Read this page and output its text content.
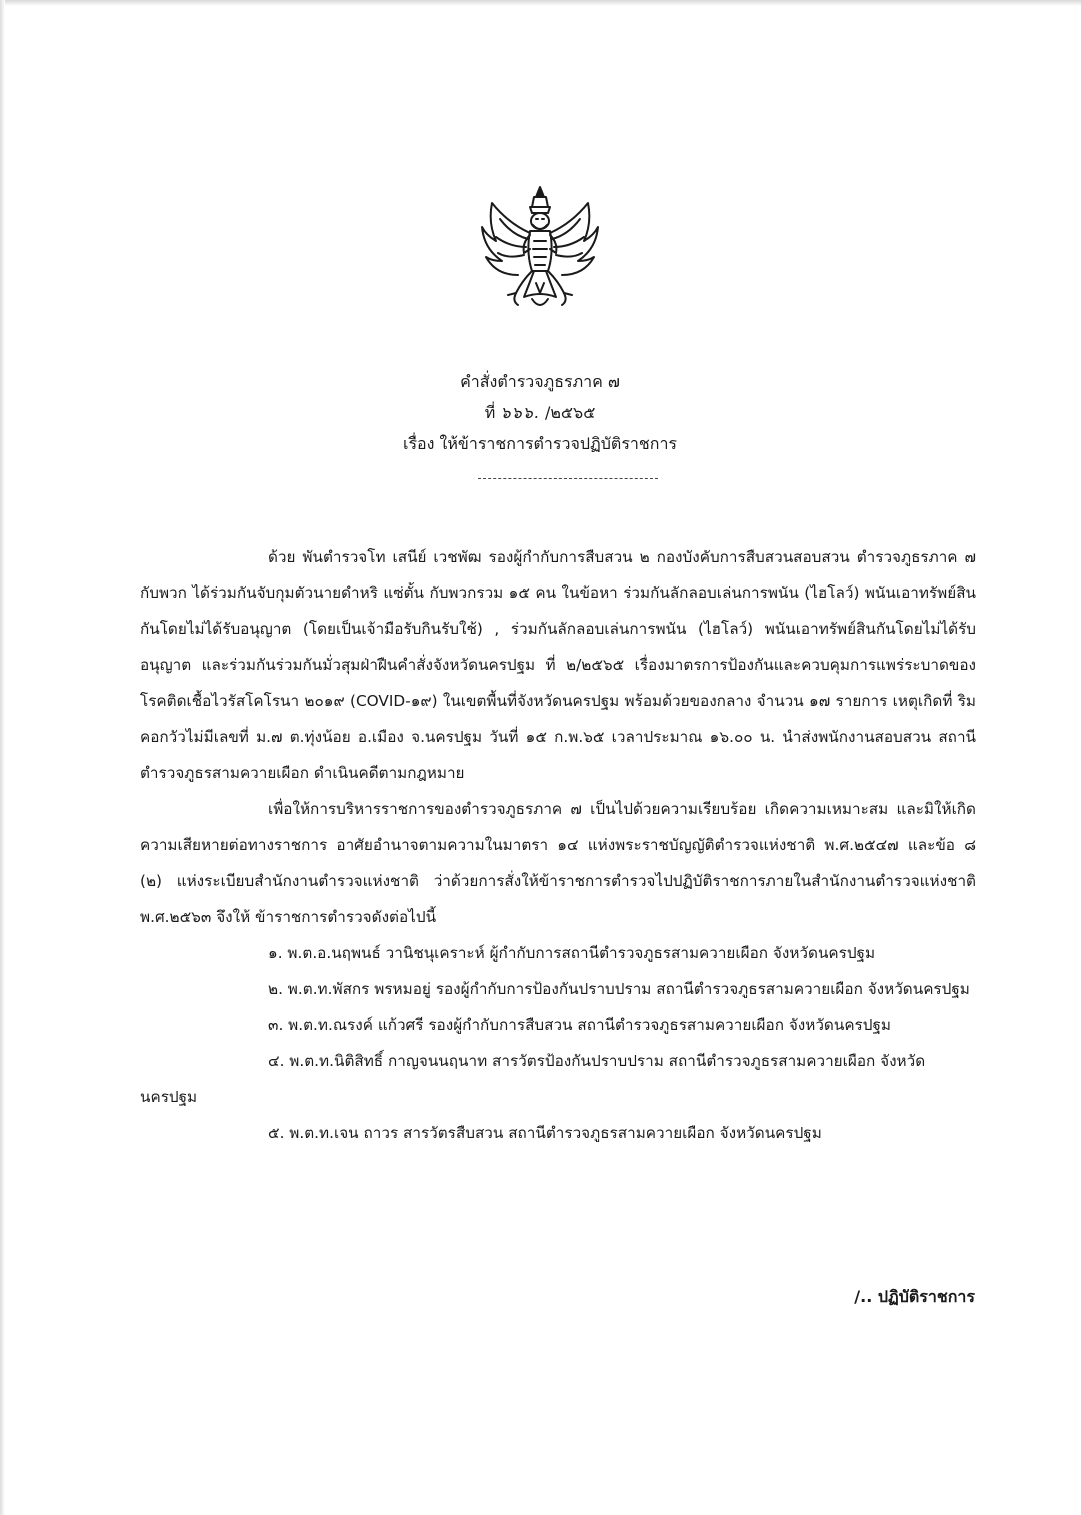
คำสั่งตำรวจภูธรภาค ๗
ที่ ๖๖๖. /๒๕๖๕
เรื่อง ให้ข้าราชการตำรวจปฏิบัติราชการ

ด้วย พันตำรวจโท เสนีย์ เวชพัฒ รองผู้กำกับการสืบสวน ๒ กองบังคับการสืบสวนสอบสวน ตำรวจภูธรภาค ๗ กับพวก ได้ร่วมกันจับกุมตัวนายดำหริ แซ่ตั้น กับพวกรวม ๑๕ คน ในข้อหา ร่วมกันลักลอบเล่นการพนัน (ไฮโลว์) พนันเอาทรัพย์สินกันโดยไม่ได้รับอนุญาต (โดยเป็นเจ้ามือรับกินรับใช้) , ร่วมกันลักลอบเล่นการพนัน (ไฮโลว์) พนันเอาทรัพย์สินกันโดยไม่ได้รับอนุญาต และร่วมกันร่วมกันมั่วสุมฝ่าฝืนคำสั่งจังหวัดนครปฐม ที่ ๒/๒๕๖๕ เรื่องมาตรการป้องกันและควบคุมการแพร่ระบาดของโรคติดเชื้อไวรัสโคโรนา ๒๐๑๙ (COVID-๑๙) ในเขตพื้นที่จังหวัดนครปฐม พร้อมด้วยของกลาง จำนวน ๑๗ รายการ เหตุเกิดที่ ริมคอกวัวไม่มีเลขที่ ม.๗ ต.ทุ่งน้อย อ.เมือง จ.นครปฐม วันที่ ๑๕ ก.พ.๖๕ เวลาประมาณ ๑๖.๐๐ น. นำส่งพนักงานสอบสวน สถานีตำรวจภูธรสามควายเผือก ดำเนินคดีตามกฎหมาย

เพื่อให้การบริหารราชการของตำรวจภูธรภาค ๗ เป็นไปด้วยความเรียบร้อย เกิดความเหมาะสม และมิให้เกิดความเสียหายต่อทางราชการ อาศัยอำนาจตามความในมาตรา ๑๔ แห่งพระราชบัญญัติตำรวจแห่งชาติ พ.ศ.๒๕๔๗ และข้อ ๘ (๒) แห่งระเบียบสำนักงานตำรวจแห่งชาติ ว่าด้วยการสั่งให้ข้าราชการตำรวจไปปฏิบัติราชการภายในสำนักงานตำรวจแห่งชาติ พ.ศ.๒๕๖๓ จึงให้ ข้าราชการตำรวจดังต่อไปนี้

๑. พ.ต.อ.นฤพนธ์ วานิชนุเคราะห์ ผู้กำกับการสถานีตำรวจภูธรสามควายเผือก จังหวัดนครปฐม

๒. พ.ต.ท.พัสกร พรหมอยู่ รองผู้กำกับการป้องกันปราบปราม สถานีตำรวจภูธรสามควายเผือก จังหวัดนครปฐม

๓. พ.ต.ท.ณรงค์ แก้วศรี รองผู้กำกับการสืบสวน สถานีตำรวจภูธรสามควายเผือก จังหวัดนครปฐม

๔. พ.ต.ท.นิติสิทธิ์ กาญจนนฤนาท สารวัตรป้องกันปราบปราม สถานีตำรวจภูธรสามควายเผือก จังหวัดนครปฐม

๕. พ.ต.ท.เจน ถาวร สารวัตรสืบสวน สถานีตำรวจภูธรสามควายเผือก จังหวัดนครปฐม

/.. ปฏิบัติราชการ
